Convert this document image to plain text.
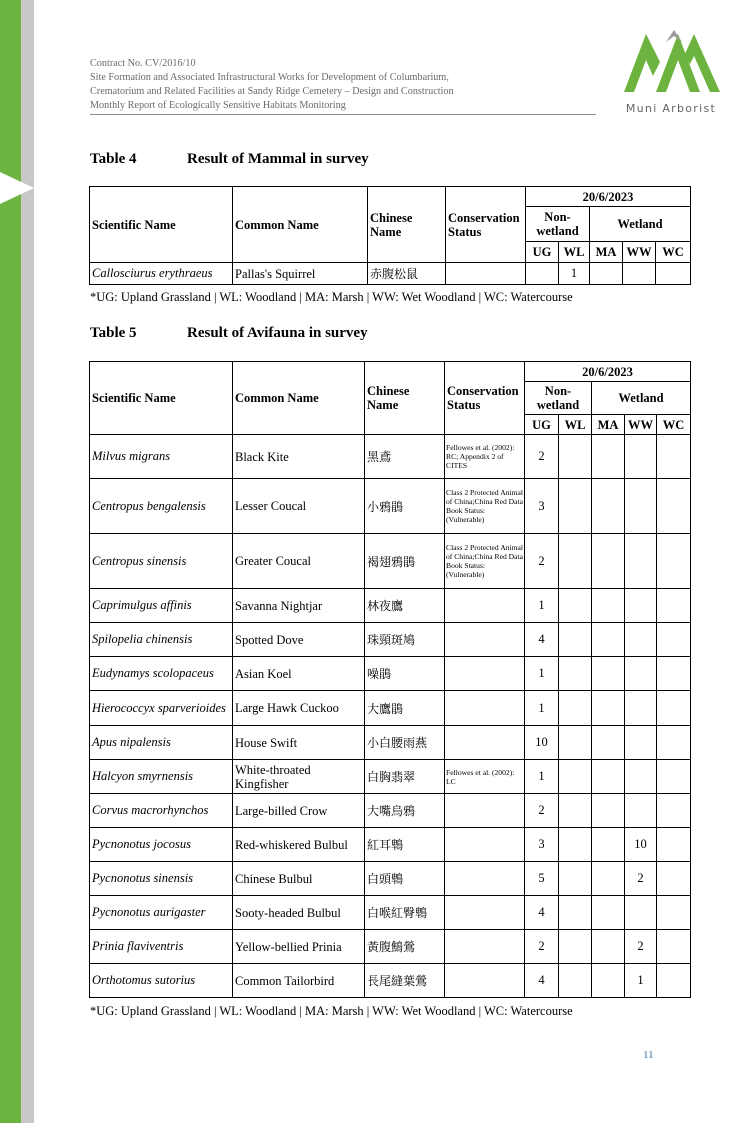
Contract No. CV/2016/10
Site Formation and Associated Infrastructural Works for Development of Columbarium,
Crematorium and Related Facilities at Sandy Ridge Cemetery – Design and Construction
Monthly Report of Ecologically Sensitive Habitats Monitoring	Muni Arborist
Table 4	Result of Mammal in survey
Scientific Name	Common Name	Chinese Name	Conservation Status	20/6/2023				
				Non-wetland		Wetland		
				UG	WL	MA	WW	WC
Callosciurus erythraeus	Pallas's Squirrel	赤腹松鼠			1			
*UG: Upland Grassland | WL: Woodland | MA: Marsh | WW: Wet Woodland | WC: Watercourse
Table 5	Result of Avifauna in survey
Scientific Name	Common Name	Chinese Name	Conservation Status	20/6/2023				
				Non-wetland		Wetland		
				UG	WL	MA	WW	WC
Milvus migrans	Black Kite	黑鳶	Fellowes et al. (2002): RC; Appendix 2 of CITES	2				
Centropus bengalensis	Lesser Coucal	小鴉鵑	Class 2 Protected Animal of China;China Red Data Book Status: (Vulnerable)	3				
Centropus sinensis	Greater Coucal	褐翅鴉鵑	Class 2 Protected Animal of China;China Red Data Book Status: (Vulnerable)	2				
Caprimulgus affinis	Savanna Nightjar	林夜鷹		1				
Spilopelia chinensis	Spotted Dove	珠頸斑鳩		4				
Eudynamys scolopaceus	Asian Koel	噪鵑		1				
Hierococcyx sparverioides	Large Hawk Cuckoo	大鷹鵑		1				
Apus nipalensis	House Swift	小白腰雨燕		10				
Halcyon smyrnensis	White-throated Kingfisher	白胸翡翠	Fellowes et al. (2002): LC	1				
Corvus macrorhynchos	Large-billed Crow	大嘴烏鴉		2				
Pycnonotus jocosus	Red-whiskered Bulbul	紅耳鵯		3			10	
Pycnonotus sinensis	Chinese Bulbul	白頭鵯		5			2	
Pycnonotus aurigaster	Sooty-headed Bulbul	白喉紅臀鵯		4				
Prinia flaviventris	Yellow-bellied Prinia	黃腹鷦鶯		2			2	
Orthotomus sutorius	Common Tailorbird	長尾縫葉鶯		4			1	
*UG: Upland Grassland | WL: Woodland | MA: Marsh | WW: Wet Woodland | WC: Watercourse
11
